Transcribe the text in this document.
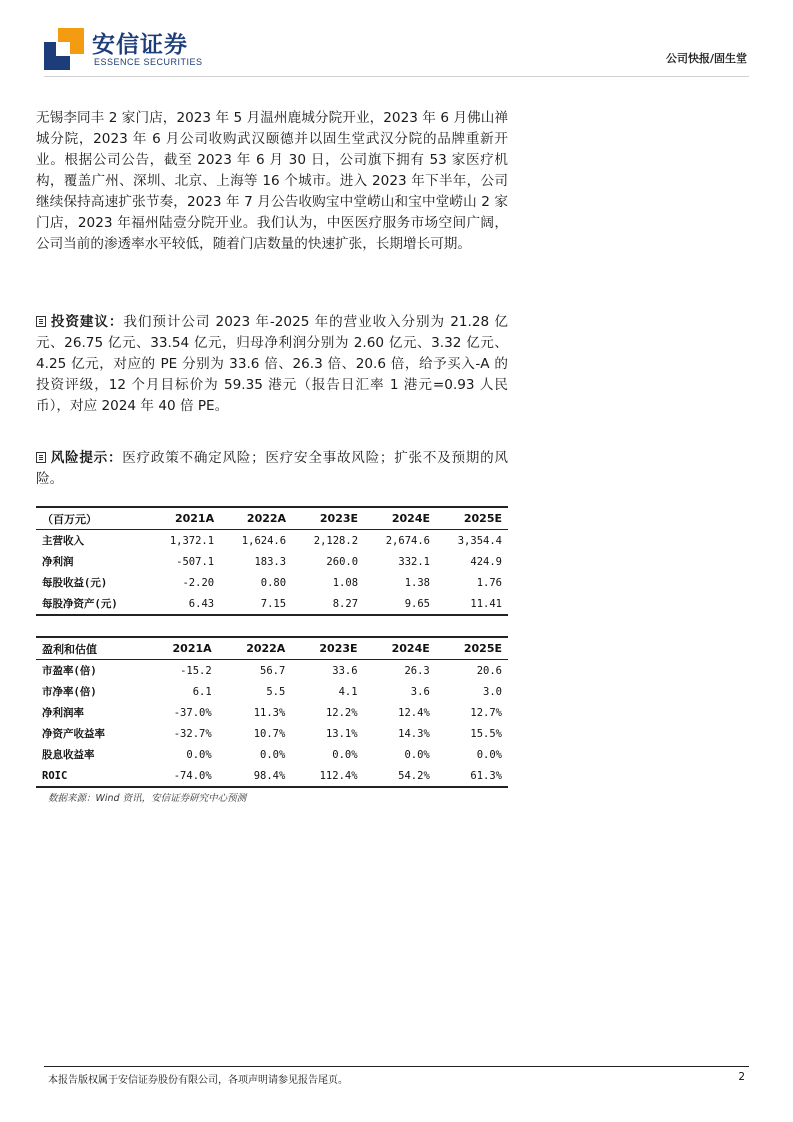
安信证券
ESSENCE SECURITIES	公司快报/固生堂
无锡李同丰 2 家门店，2023 年 5 月温州鹿城分院开业，2023 年 6 月佛山禅城分院，2023 年 6 月公司收购武汉颐德并以固生堂武汉分院的品牌重新开业。根据公司公告，截至 2023 年 6 月 30 日，公司旗下拥有 53 家医疗机构，覆盖广州、深圳、北京、上海等 16 个城市。进入 2023 年下半年，公司继续保持高速扩张节奏，2023 年 7 月公告收购宝中堂崂山和宝中堂崂山 2 家门店，2023 年福州陆壹分院开业。我们认为，中医医疗服务市场空间广阔，公司当前的渗透率水平较低，随着门店数量的快速扩张，长期增长可期。
投资建议：我们预计公司 2023 年-2025 年的营业收入分别为 21.28 亿元、26.75 亿元、33.54 亿元，归母净利润分别为 2.60 亿元、3.32 亿元、4.25 亿元，对应的 PE 分别为 33.6 倍、26.3 倍、20.6 倍，给予买入-A 的投资评级，12 个月目标价为 59.35 港元（报告日汇率 1 港元=0.93 人民币），对应 2024 年 40 倍 PE。
风险提示：医疗政策不确定风险；医疗安全事故风险；扩张不及预期的风险。
（百万元）	2021A	2022A	2023E	2024E	2025E
主营收入	1,372.1	1,624.6	2,128.2	2,674.6	3,354.4
净利润	-507.1	183.3	260.0	332.1	424.9
每股收益(元)	-2.20	0.80	1.08	1.38	1.76
每股净资产(元)	6.43	7.15	8.27	9.65	11.41
盈利和估值	2021A	2022A	2023E	2024E	2025E
市盈率(倍)	-15.2	56.7	33.6	26.3	20.6
市净率(倍)	6.1	5.5	4.1	3.6	3.0
净利润率	-37.0%	11.3%	12.2%	12.4%	12.7%
净资产收益率	-32.7%	10.7%	13.1%	14.3%	15.5%
股息收益率	0.0%	0.0%	0.0%	0.0%	0.0%
ROIC	-74.0%	98.4%	112.4%	54.2%	61.3%
数据来源：Wind 资讯，安信证券研究中心预测
本报告版权属于安信证券股份有限公司，各项声明请参见报告尾页。	2
